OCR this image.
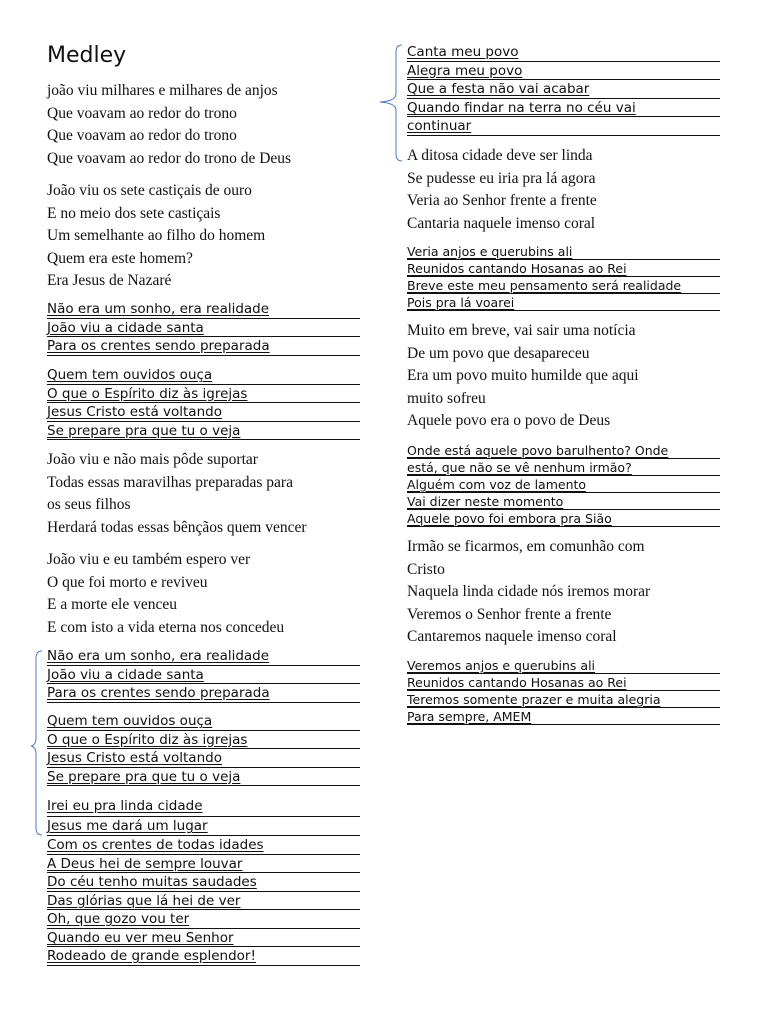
Medley

joão viu milhares e milhares de anjos

Que voavam ao redor do trono

Que voavam ao redor do trono

Que voavam ao redor do trono de Deus

João viu os sete castiçais de ouro

E no meio dos sete castiçais

Um semelhante ao filho do homem

Quem era este homem?

Era Jesus de Nazaré

Não era um sonho, era realidade

João viu a cidade santa

Para os crentes sendo preparada

Quem tem ouvidos ouça

O que o Espírito diz às igrejas

Jesus Cristo está voltando

Se prepare pra que tu o veja

João viu e não mais pôde suportar

Todas essas maravilhas preparadas para

os seus filhos

Herdará todas essas bênçãos quem vencer

João viu e eu também espero ver

O que foi morto e reviveu

E a morte ele venceu

E com isto a vida eterna nos concedeu

Não era um sonho, era realidade

João viu a cidade santa

Para os crentes sendo preparada

Quem tem ouvidos ouça

O que o Espírito diz às igrejas

Jesus Cristo está voltando

Se prepare pra que tu o veja

Irei eu pra linda cidade

Jesus me dará um lugar

Com os crentes de todas idades

A Deus hei de sempre louvar

Do céu tenho muitas saudades

Das glórias que lá hei de ver

Oh, que gozo vou ter

Quando eu ver meu Senhor

Rodeado de grande esplendor!

Canta meu povo

Alegra meu povo

Que a festa não vai acabar

Quando findar na terra no céu vai

continuar

A ditosa cidade deve ser linda

Se pudesse eu iria pra lá agora

Veria ao Senhor frente a frente

Cantaria naquele imenso coral

Veria anjos e querubins ali

Reunidos cantando Hosanas ao Rei

Breve este meu pensamento será realidade

Pois pra lá voarei

Muito em breve, vai sair uma notícia

De um povo que desapareceu

Era um povo muito humilde que aqui

muito sofreu

Aquele povo era o povo de Deus

Onde está aquele povo barulhento? Onde

está, que não se vê nenhum irmão?

Alguém com voz de lamento

Vai dizer neste momento

Aquele povo foi embora pra Sião

Irmão se ficarmos, em comunhão com

Cristo

Naquela linda cidade nós iremos morar

Veremos o Senhor frente a frente

Cantaremos naquele imenso coral

Veremos anjos e querubins ali

Reunidos cantando Hosanas ao Rei

Teremos somente prazer e muita alegria

Para sempre, AMEM
